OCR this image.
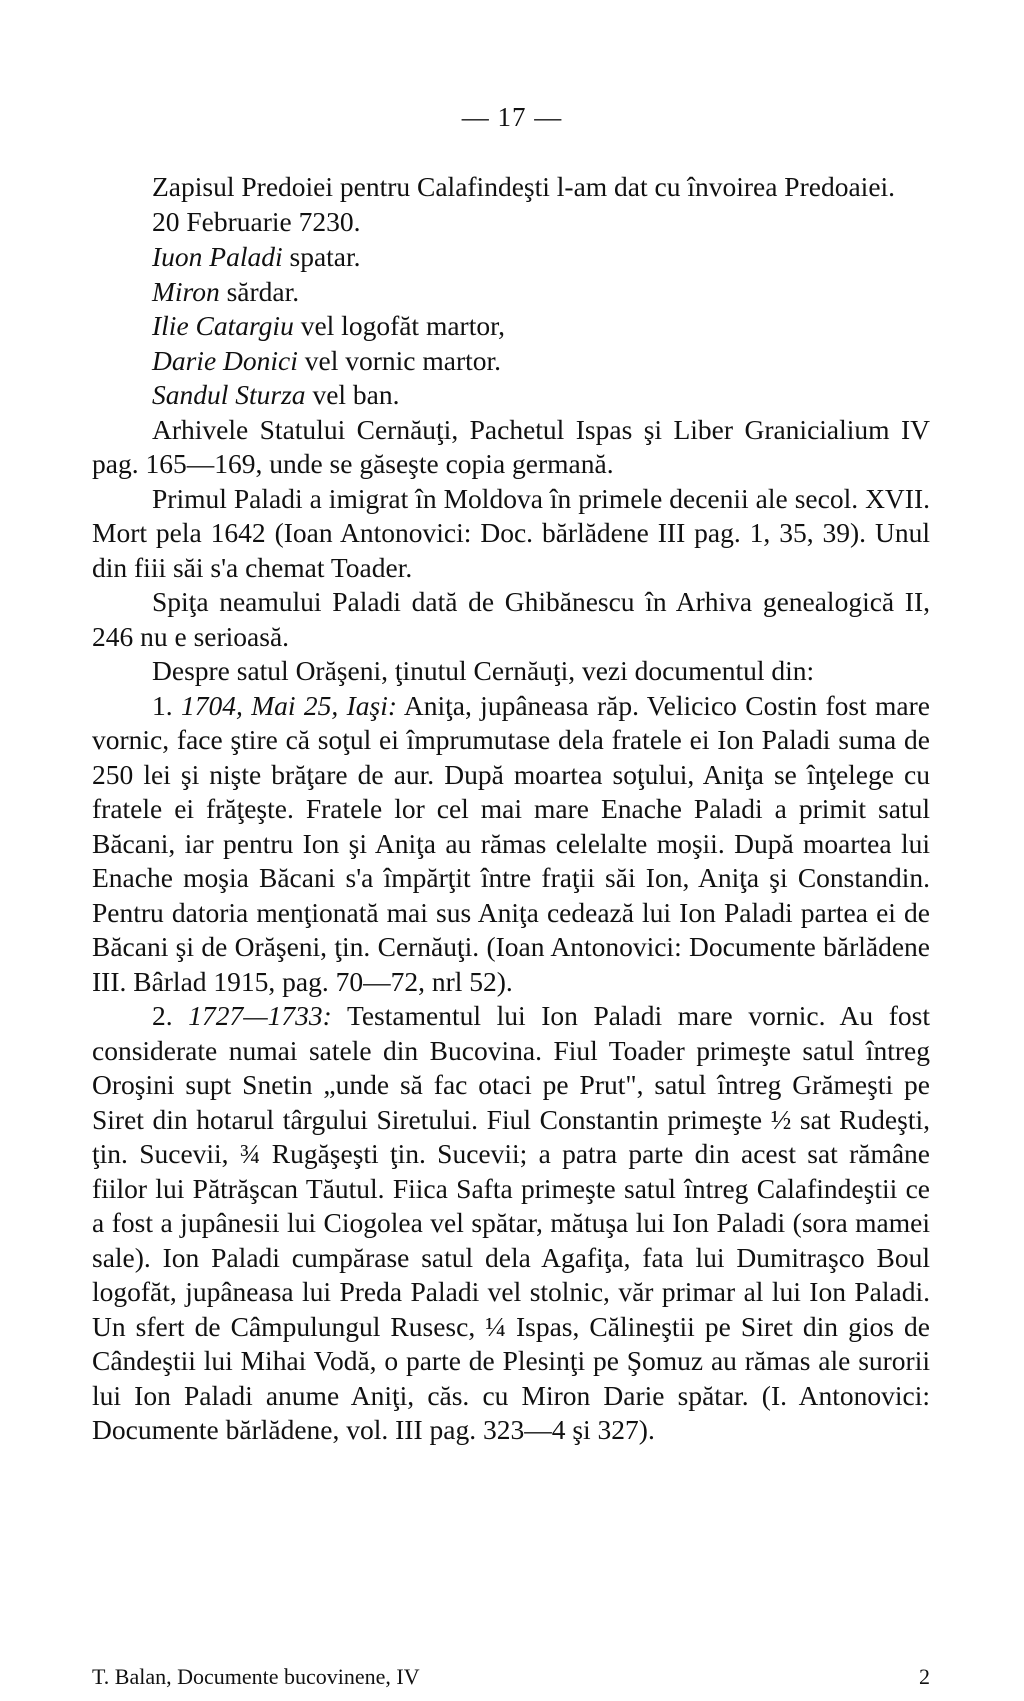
— 17 —

Zapisul Predoiei pentru Calafindeşti l-am dat cu învoirea Predoaiei.

20 Februarie 7230.

Iuon Paladi spatar.
Miron sărdar.
Ilie Catargiu vel logofăt martor,
Darie Donici vel vornic martor.
Sandul Sturza vel ban.

Arhivele Statului Cernăuţi, Pachetul Ispas şi Liber Granicialium IV pag. 165—169, unde se găseşte copia germană.

Primul Paladi a imigrat în Moldova în primele decenii ale secol. XVII. Mort pela 1642 (Ioan Antonovici: Doc. bărlădene III pag. 1, 35, 39). Unul din fiii săi s'a chemat Toader.

Spiţa neamului Paladi dată de Ghibănescu în Arhiva genealogică II, 246 nu e serioasă.

Despre satul Orăşeni, ţinutul Cernăuţi, vezi documentul din:

1. 1704, Mai 25, Iaşi: Aniţa, jupâneasa răp. Velicico Costin fost mare vornic, face ştire că soţul ei împrumutase dela fratele ei Ion Paladi suma de 250 lei şi nişte brăţare de aur. După moartea soţului, Aniţa se înţelege cu fratele ei frăţeşte. Fratele lor cel mai mare Enache Paladi a primit satul Băcani, iar pentru Ion şi Aniţa au rămas celelalte moşii. După moartea lui Enache moşia Băcani s'a împărţit între fraţii săi Ion, Aniţa şi Constandin. Pentru datoria menţionată mai sus Aniţa cedează lui Ion Paladi partea ei de Băcani şi de Orăşeni, ţin. Cernăuţi. (Ioan Antonovici: Documente bărlădene III. Bârlad 1915, pag. 70—72, nrl 52).

2. 1727—1733: Testamentul lui Ion Paladi mare vornic. Au fost considerate numai satele din Bucovina. Fiul Toader primeşte satul întreg Oroşini supt Snetin „unde să fac otaci pe Prut", satul întreg Grămeşti pe Siret din hotarul târgului Siretului. Fiul Constantin primeşte ½ sat Rudeşti, ţin. Sucevii, ¾ Rugăşeşti ţin. Sucevii; a patra parte din acest sat rămâne fiilor lui Pătrăşcan Tăutul. Fiica Safta primeşte satul întreg Calafindeştii ce a fost a jupânesii lui Ciogolea vel spătar, mătuşa lui Ion Paladi (sora mamei sale). Ion Paladi cumpărase satul dela Agafiţa, fata lui Dumitraşco Boul logofăt, jupâneasa lui Preda Paladi vel stolnic, văr primar al lui Ion Paladi. Un sfert de Câmpulungul Rusesc, ¼ Ispas, Călineştii pe Siret din gios de Cândeştii lui Mihai Vodă, o parte de Plesinţi pe Şomuz au rămas ale surorii lui Ion Paladi anume Aniţi, căs. cu Miron Darie spătar. (I. Antonovici: Documente bărlădene, vol. III pag. 323—4 şi 327).

T. Balan, Documente bucovinene, IV	2
